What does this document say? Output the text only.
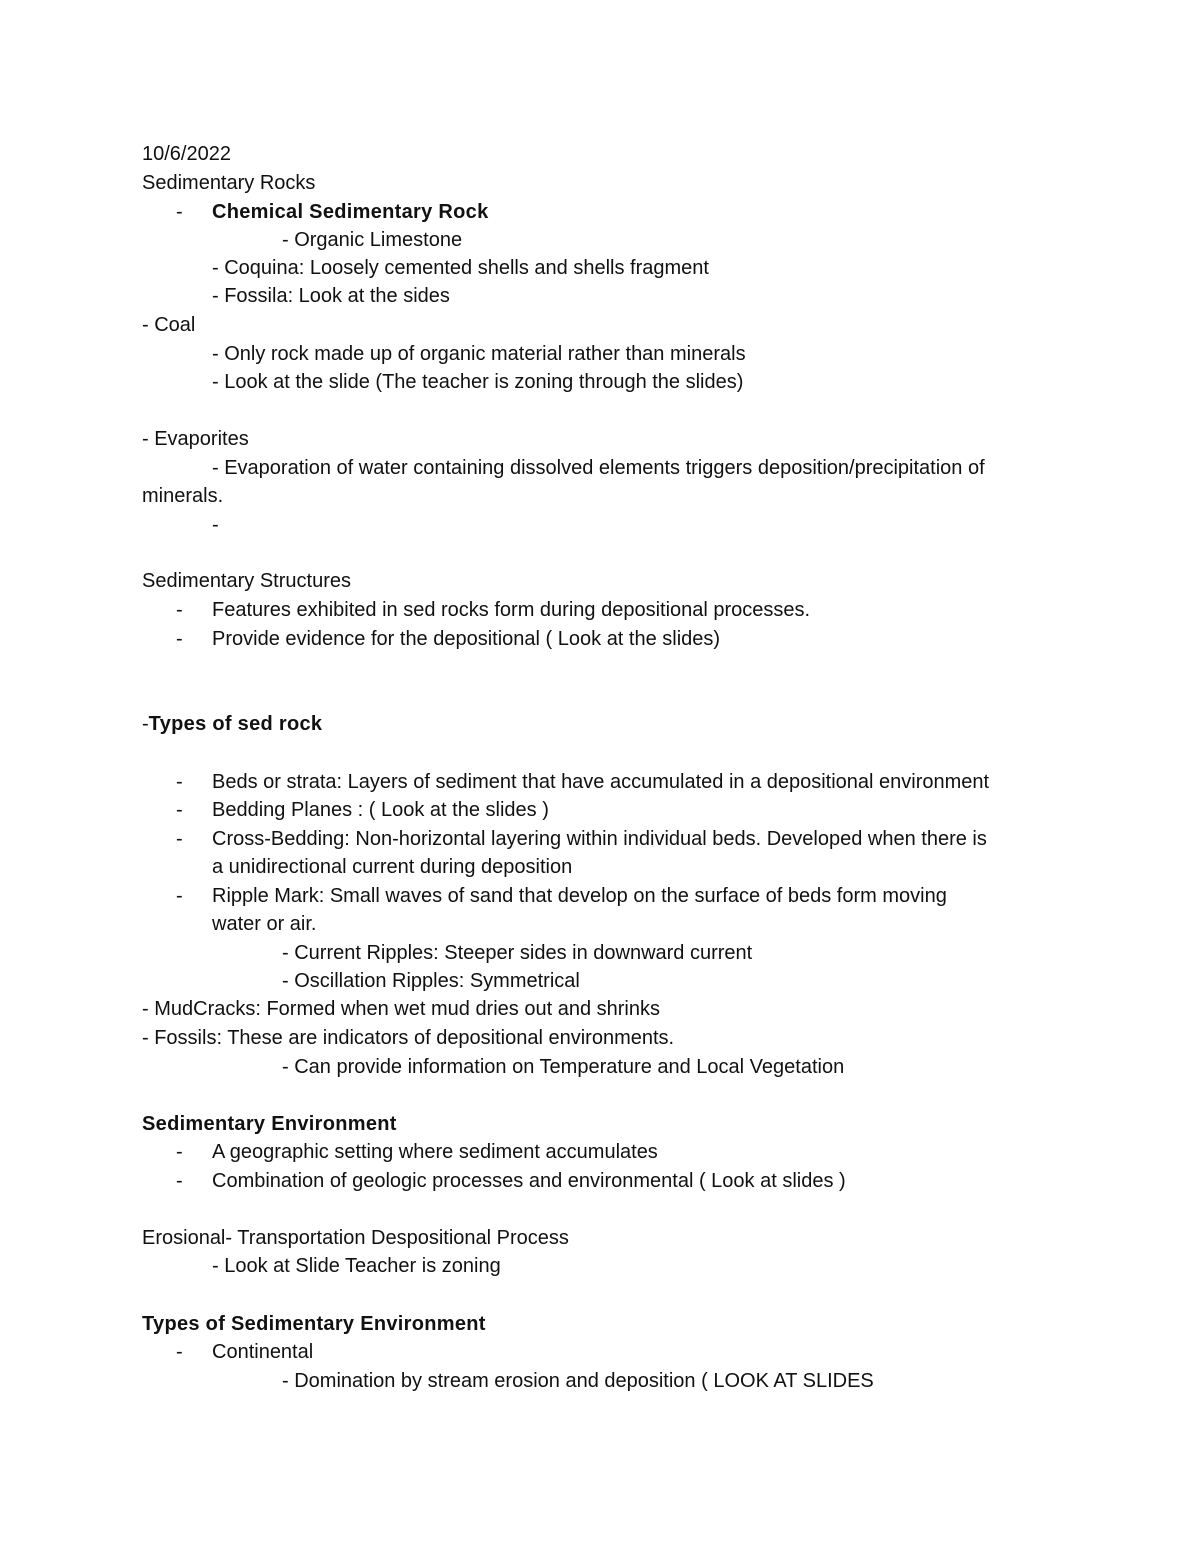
10/6/2022
Sedimentary Rocks
- Chemical Sedimentary Rock
- Organic Limestone
- Coquina: Loosely cemented shells and shells fragment
- Fossila: Look at the sides
- Coal
- Only rock made up of organic material rather than minerals
- Look at the slide (The teacher is zoning through the slides)
- Evaporites
- Evaporation of water containing dissolved elements triggers deposition/precipitation of
minerals.
-
Sedimentary Structures
- Features exhibited in sed rocks form during depositional processes.
- Provide evidence for the depositional ( Look at the slides)
-Types of sed rock
- Beds or strata: Layers of sediment that have accumulated in a depositional environment
- Bedding Planes : ( Look at the slides )
- Cross-Bedding: Non-horizontal layering within individual beds. Developed when there is
a unidirectional current during deposition
- Ripple Mark: Small waves of sand that develop on the surface of beds form moving
water or air.
- Current Ripples: Steeper sides in downward current
- Oscillation Ripples: Symmetrical
- MudCracks: Formed when wet mud dries out and shrinks
- Fossils: These are indicators of depositional environments.
- Can provide information on Temperature and Local Vegetation
Sedimentary Environment
- A geographic setting where sediment accumulates
- Combination of geologic processes and environmental ( Look at slides )
Erosional- Transportation Despositional Process
- Look at Slide Teacher is zoning
Types of Sedimentary Environment
- Continental
- Domination by stream erosion and deposition ( LOOK AT SLIDES
